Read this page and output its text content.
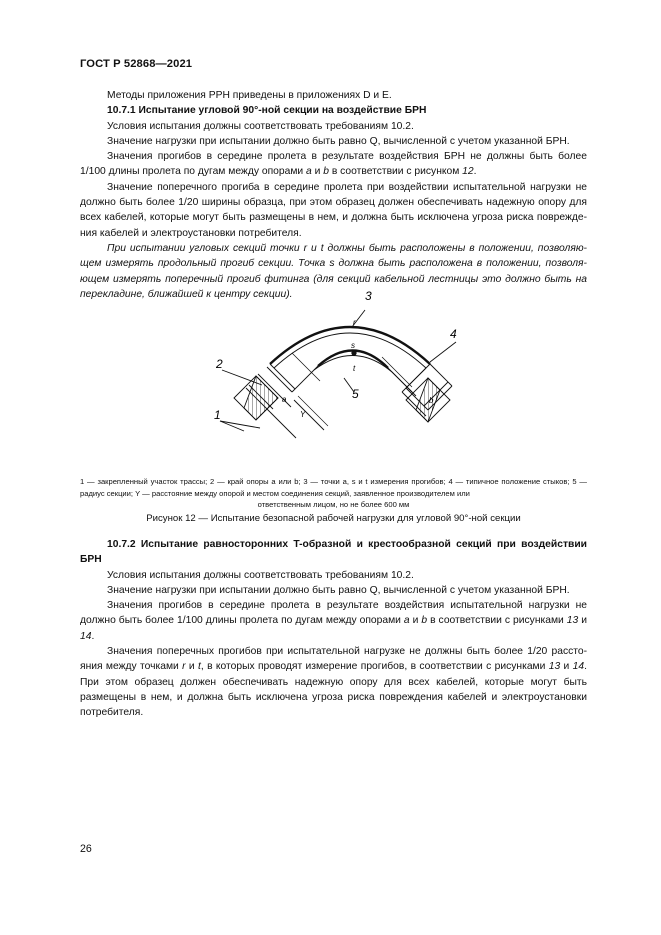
ГОСТ Р 52868—2021

Методы приложения РРН приведены в приложениях D и E.

10.7.1 Испытание угловой 90°-ной секции на воздействие БРН

Условия испытания должны соответствовать требованиям 10.2.

Значение нагрузки при испытании должно быть равно Q, вычисленной с учетом указанной БРН.

Значения прогибов в середине пролета в результате воздействия БРН не должны быть более 1/100 длины пролета по дугам между опорами a и b в соответствии с рисунком 12.

Значение поперечного прогиба в середине пролета при воздействии испытательной нагрузки не должно быть более 1/20 ширины образца, при этом образец должен обеспечивать надежную опору для всех кабелей, которые могут быть размещены в нем, и должна быть исключена угроза риска поврежде-ния кабелей и электроустановки потребителя.

При испытании угловых секций точки r и t должны быть расположены в положении, позволяю-щем измерять продольный прогиб секции. Точка s должна быть расположена в положении, позволя-ющем измерять поперечный прогиб фитинга (для секций кабельной лестницы это должно быть на перекладине, ближайшей к центру секции).	3
4
2
1
5
r
s
t
a	b
Y
1 — закрепленный участок трассы; 2 — край опоры a или b; 3 — точки a, s и t измерения прогибов; 4 — типичное положение стыков; 5 — радиус секции; Y — расстояние между опорой и местом соединения секций, заявленное производителем или
ответственным лицом, но не более 600 мм
Рисунок 12 — Испытание безопасной рабочей нагрузки для угловой 90°-ной секции

10.7.2 Испытание равносторонних T-образной и крестообразной секций при воздействии БРН

Условия испытания должны соответствовать требованиям 10.2.

Значение нагрузки при испытании должно быть равно Q, вычисленной с учетом указанной БРН.

Значения прогибов в середине пролета в результате воздействия испытательной нагрузки не должно быть более 1/100 длины пролета по дугам между опорами a и b в соответствии с рисунками 13 и 14.

Значения поперечных прогибов при испытательной нагрузке не должны быть более 1/20 рассто-яния между точками r и t, в которых проводят измерение прогибов, в соответствии с рисунками 13 и 14. При этом образец должен обеспечивать надежную опору для всех кабелей, которые могут быть размещены в нем, и должна быть исключена угроза риска повреждения кабелей и электроустановки потребителя.

26
